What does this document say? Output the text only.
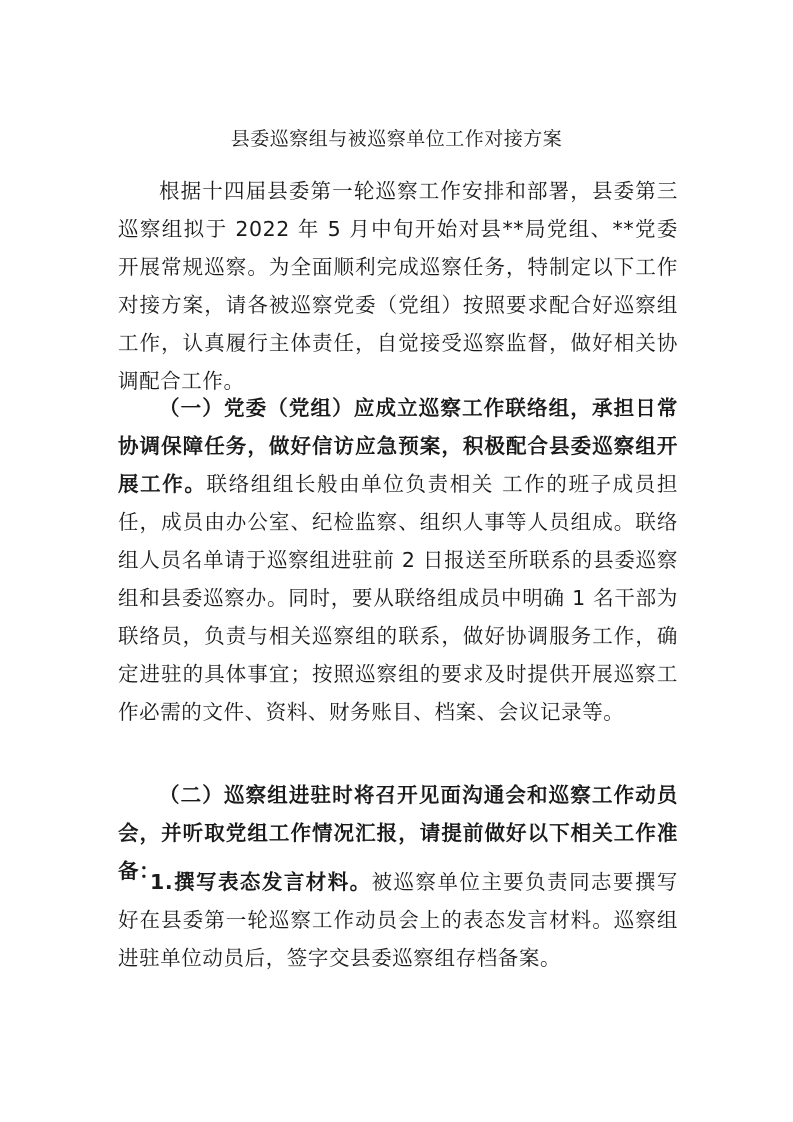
县委巡察组与被巡察单位工作对接方案

根据十四届县委第一轮巡察工作安排和部署，县委第三巡察组拟于 2022 年 5 月中旬开始对县**局党组、**党委开展常规巡察。为全面顺利完成巡察任务，特制定以下工作对接方案，请各被巡察党委（党组）按照要求配合好巡察组工作，认真履行主体责任，自觉接受巡察监督，做好相关协调配合工作。

（一）党委（党组）应成立巡察工作联络组，承担日常协调保障任务，做好信访应急预案，积极配合县委巡察组开展工作。联络组组长般由单位负责相关 工作的班子成员担任，成员由办公室、纪检监察、组织人事等人员组成。联络组人员名单请于巡察组进驻前 2 日报送至所联系的县委巡察组和县委巡察办。同时，要从联络组成员中明确 1 名干部为联络员，负责与相关巡察组的联系，做好协调服务工作，确定进驻的具体事宜；按照巡察组的要求及时提供开展巡察工作必需的文件、资料、财务账目、档案、会议记录等。

（二）巡察组进驻时将召开见面沟通会和巡察工作动员会，并听取党组工作情况汇报，请提前做好以下相关工作准备：

1.撰写表态发言材料。被巡察单位主要负责同志要撰写好在县委第一轮巡察工作动员会上的表态发言材料。巡察组进驻单位动员后，签字交县委巡察组存档备案。
